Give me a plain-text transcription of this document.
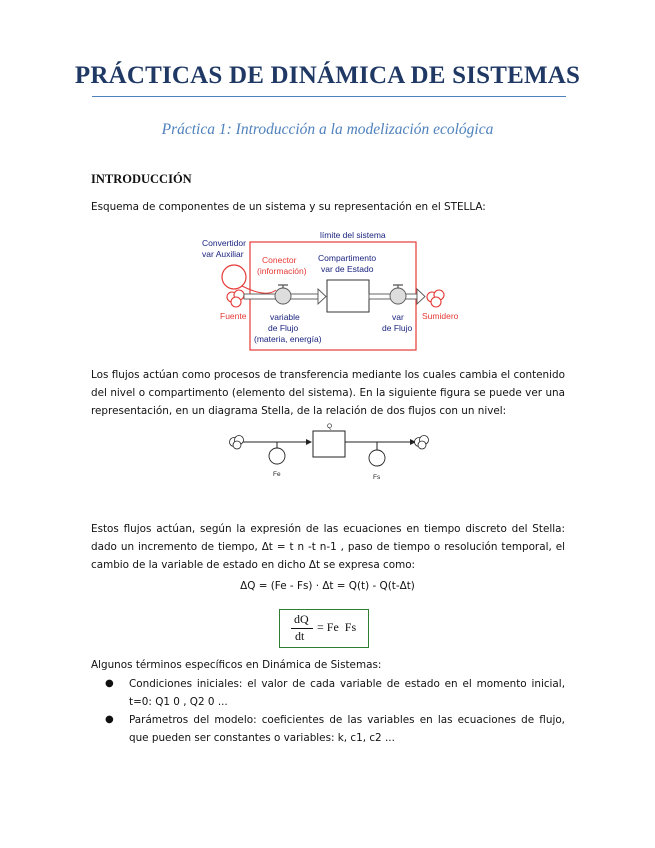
PRÁCTICAS DE DINÁMICA DE SISTEMAS
Práctica 1: Introducción a la modelización ecológica
INTRODUCCIÓN
Esquema de componentes de un sistema y su representación en el STELLA:
límite del sistema
Convertidor
var Auxiliar
Conector
(información)
Fuente	variable
de Flujo
(materia, energía)
Compartimento
var de Estado
var
de Flujo
Sumidero
Los flujos actúan como procesos de transferencia mediante los cuales cambia el contenido del nivel o compartimento (elemento del sistema). En la siguiente figura se puede ver una representación, en un diagrama Stella, de la relación de dos flujos con un nivel:
Fe
Q
Fs
Estos flujos actúan, según la expresión de las ecuaciones en tiempo discreto del Stella: dado un incremento de tiempo, Δt = t n -t n-1 , paso de tiempo o resolución temporal, el cambio de la variable de estado en dicho Δt se expresa como:
ΔQ = (Fe - Fs) · Δt = Q(t) - Q(t-Δt)
dQ
dt
= Fe  Fs
Algunos términos específicos en Dinámica de Sistemas:
● Condiciones iniciales: el valor de cada variable de estado en el momento inicial, t=0: Q1 0 , Q2 0 ...
● Parámetros del modelo: coeficientes de las variables en las ecuaciones de flujo, que pueden ser constantes o variables: k, c1, c2 ...
